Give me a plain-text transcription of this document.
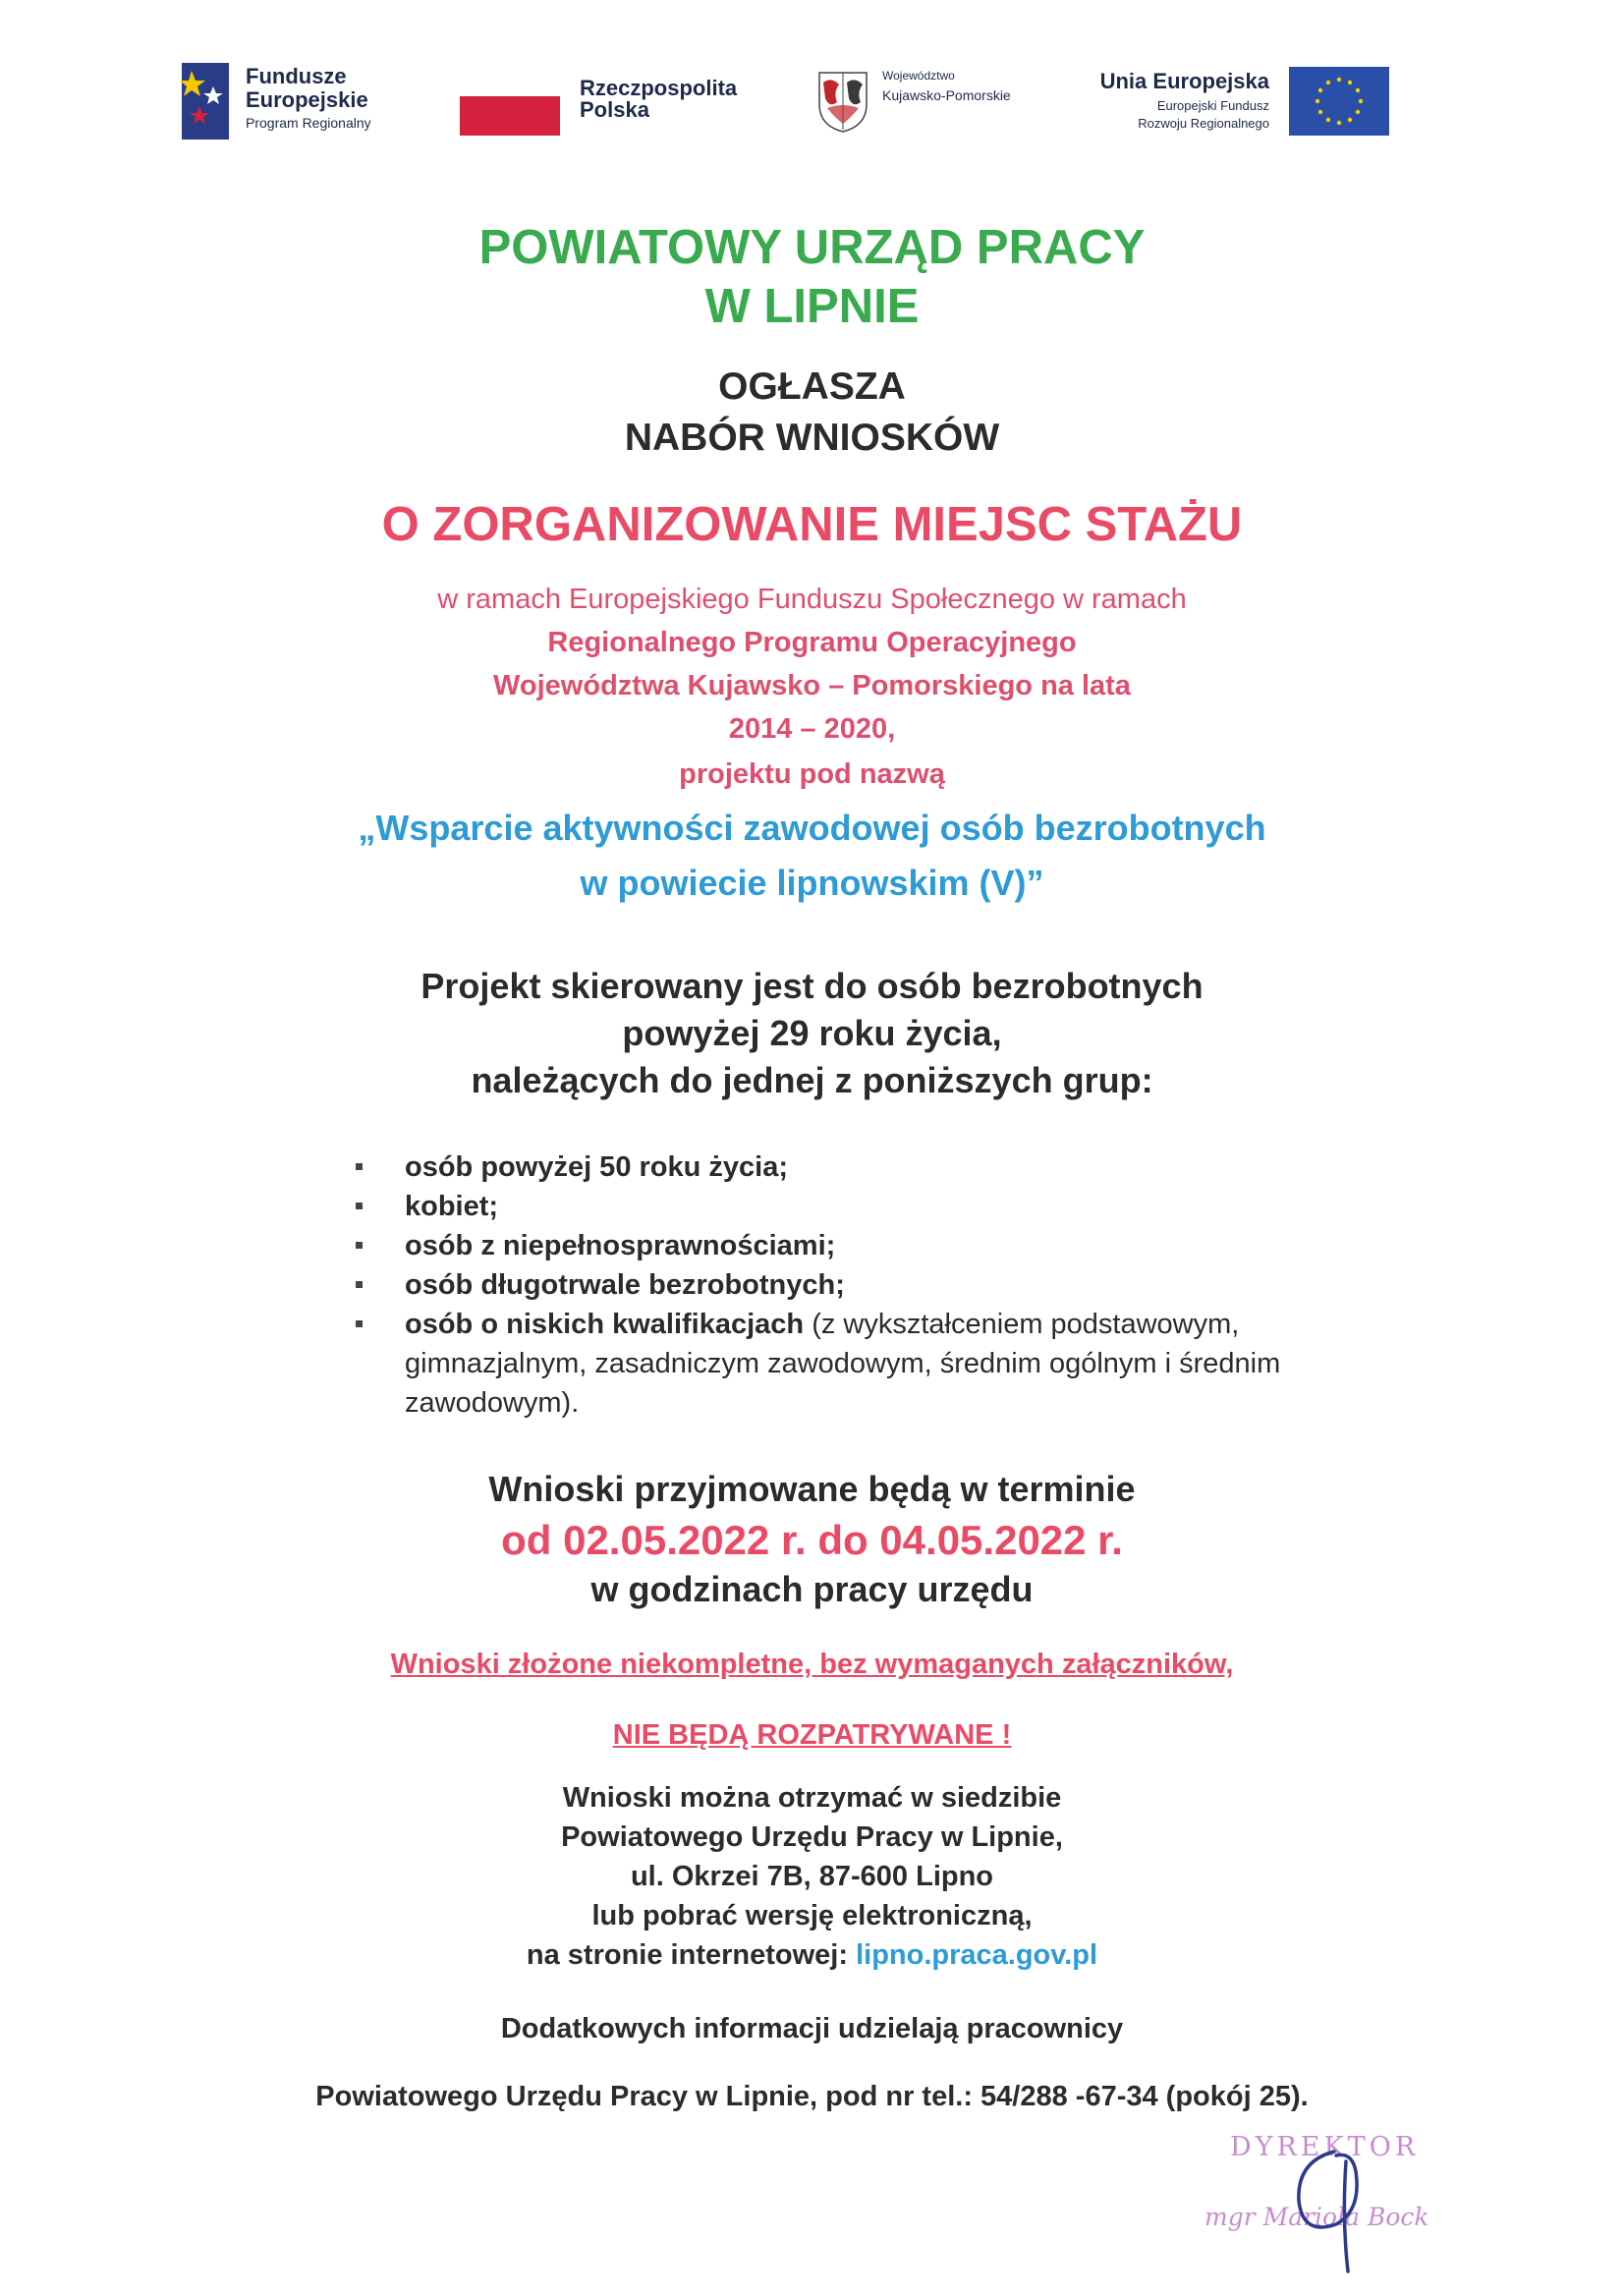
Fundusze
Europejskie
Program Regionalny
Rzeczpospolita
Polska
Województwo
Kujawsko-Pomorskie
Unia Europejska
Europejski Fundusz
Rozwoju Regionalnego
POWIATOWY URZĄD PRACY
W LIPNIE
OGŁASZA
NABÓR WNIOSKÓW
O ZORGANIZOWANIE MIEJSC STAŻU
w ramach Europejskiego Funduszu Społecznego w ramach
Regionalnego Programu Operacyjnego
Województwa Kujawsko – Pomorskiego na lata
2014 – 2020,
projektu pod nazwą
„Wsparcie aktywności zawodowej osób bezrobotnych
w powiecie lipnowskim (V)”
Projekt skierowany jest do osób bezrobotnych
powyżej 29 roku życia,
należących do jednej z poniższych grup:
osób powyżej 50 roku życia;
kobiet;
osób z niepełnosprawnościami;
osób długotrwale bezrobotnych;
osób o niskich kwalifikacjach (z wykształceniem podstawowym,
gimnazjalnym, zasadniczym zawodowym, średnim ogólnym i średnim
zawodowym).
Wnioski przyjmowane będą w terminie
od 02.05.2022 r. do 04.05.2022 r.
w godzinach pracy urzędu
Wnioski złożone niekompletne, bez wymaganych załączników,
NIE BĘDĄ ROZPATRYWANE !
Wnioski można otrzymać w siedzibie
Powiatowego Urzędu Pracy w Lipnie,
ul. Okrzei 7B, 87-600 Lipno
lub pobrać wersję elektroniczną,
na stronie internetowej: lipno.praca.gov.pl
Dodatkowych informacji udzielają pracownicy
Powiatowego Urzędu Pracy w Lipnie, pod nr tel.: 54/288 -67-34 (pokój 25).
DYREKTOR
mgr Mariola Bock
